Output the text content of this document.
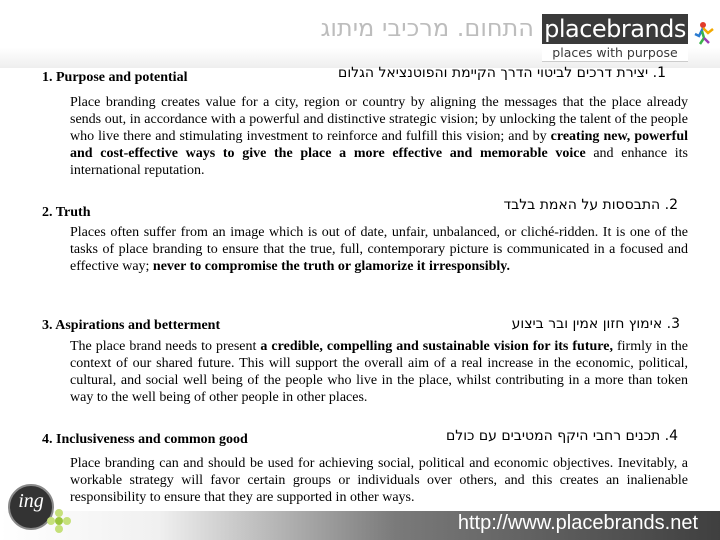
התחום. מרכיבי מיתוג placebrands
places with purpose
1. יצירת דרכים לביטוי הדרך הקיימת והפוטנציאל הגלום
1. Purpose and potential
Place branding creates value for a city, region or country by aligning the messages that the place already sends out, in accordance with a powerful and distinctive strategic vision; by unlocking the talent of the people who live there and stimulating investment to reinforce and fulfill this vision; and by creating new, powerful and cost-effective ways to give the place a more effective and memorable voice and enhance its international reputation.
2. התבססות על האמת בלבד
2. Truth
Places often suffer from an image which is out of date, unfair, unbalanced, or cliché-ridden. It is one of the tasks of place branding to ensure that the true, full, contemporary picture is communicated in a focused and effective way; never to compromise the truth or glamorize it irresponsibly.
3. אימוץ חזון אמין ובר ביצוע
3. Aspirations and betterment
The place brand needs to present a credible, compelling and sustainable vision for its future, firmly in the context of our shared future. This will support the overall aim of a real increase in the economic, political, cultural, and social well being of the people who live in the place, whilst contributing in a more than token way to the well being of other people in other places.
4. תכנים רחבי היקף המטיבים עם כולם
4. Inclusiveness and common good
Place branding can and should be used for achieving social, political and economic objectives. Inevitably, a workable strategy will favor certain groups or individuals over others, and this creates an inalienable responsibility to ensure that they are supported in other ways.
http://www.placebrands.net
ing
